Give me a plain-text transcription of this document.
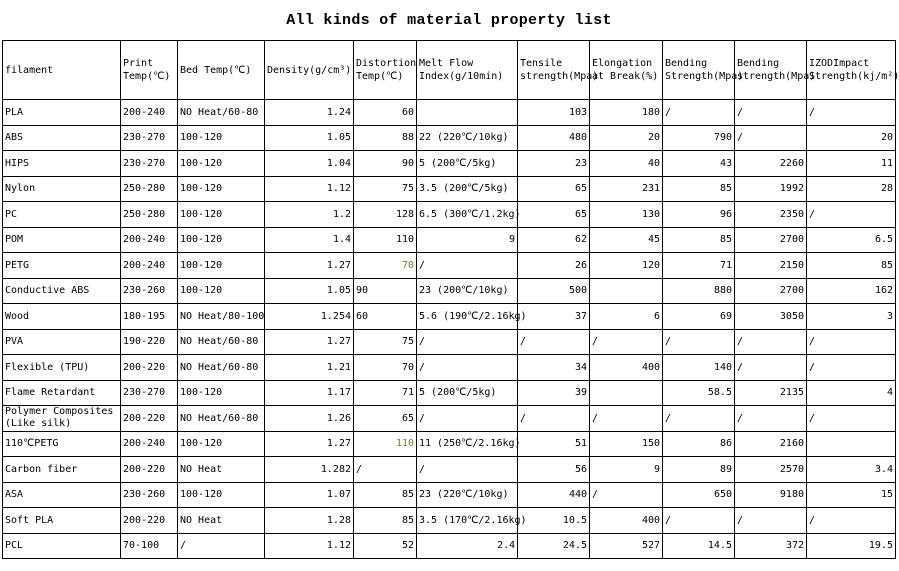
All kinds of material property list
filament	Print Temp(℃)	Bed Temp(℃)	Density(g/cm³)	Distortion Temp(℃)	Melt Flow Index(g/10min)	Tensile strength(Mpa)	Elongation at Break(%)	Bending Strength(Mpa)	Bending strength(Mpa)	IZODImpact Strength(kj/m²)
PLA	200-240	NO Heat/60-80	1.24	60		103	180	/	/	/
ABS	230-270	100-120	1.05	88	22 (220℃/10kg)	480	20	790	/	20
HIPS	230-270	100-120	1.04	90	5 (200℃/5kg)	23	40	43	2260	11
Nylon	250-280	100-120	1.12	75	3.5 (200℃/5kg)	65	231	85	1992	28
PC	250-280	100-120	1.2	128	6.5 (300℃/1.2kg)	65	130	96	2350	/
POM	200-240	100-120	1.4	110	9	62	45	85	2700	6.5
PETG	200-240	100-120	1.27	70	/	26	120	71	2150	85
Conductive ABS	230-260	100-120	1.05	90	23 (200℃/10kg)	500		880	2700	162
Wood	180-195	NO Heat/80-100	1.254	60	5.6 (190℃/2.16kg)	37	6	69	3050	3
PVA	190-220	NO Heat/60-80	1.27	75	/	/	/	/	/	/
Flexible (TPU)	200-220	NO Heat/60-80	1.21	70	/	34	400	140	/	/
Flame Retardant	230-270	100-120	1.17	71	5 (200℃/5kg)	39		58.5	2135	4
Polymer Composites (Like silk)	200-220	NO Heat/60-80	1.26	65	/	/	/	/	/	/
110℃PETG	200-240	100-120	1.27	110	11 (250℃/2.16kg)	51	150	86	2160	
Carbon fiber	200-220	NO Heat	1.282	/	/	56	9	89	2570	3.4
ASA	230-260	100-120	1.07	85	23 (220℃/10kg)	440	/	650	9180	15
Soft PLA	200-220	NO Heat	1.28	85	3.5 (170℃/2.16kg)	10.5	400	/	/	/
PCL	70-100	/	1.12	52	2.4	24.5	527	14.5	372	19.5
